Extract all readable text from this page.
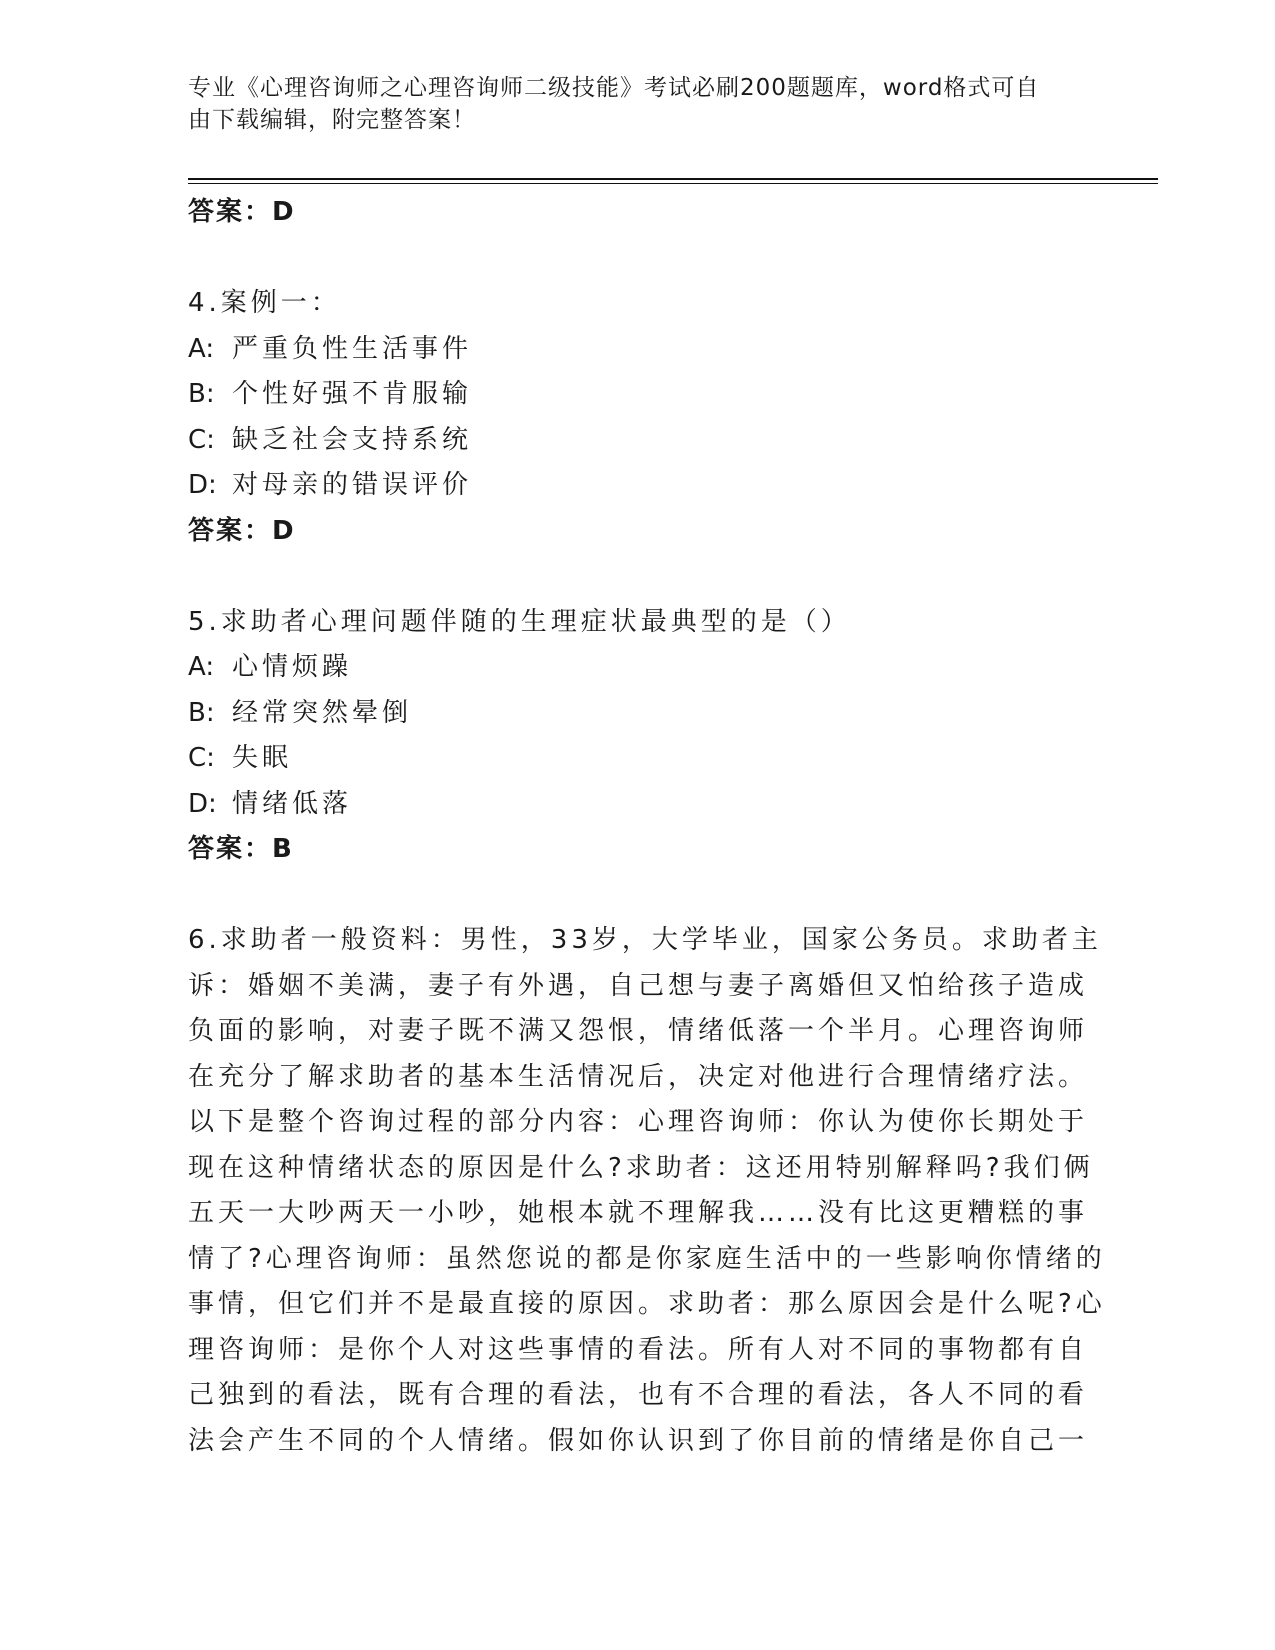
专业《心理咨询师之心理咨询师二级技能》考试必刷200题题库，word格式可自
由下载编辑，附完整答案！
答案：D
4.案例一：
A: 严重负性生活事件
B: 个性好强不肯服输
C: 缺乏社会支持系统
D: 对母亲的错误评价
答案：D
5.求助者心理问题伴随的生理症状最典型的是（）
A: 心情烦躁
B: 经常突然晕倒
C: 失眠
D: 情绪低落
答案：B
6.求助者一般资料：男性，33岁，大学毕业，国家公务员。求助者主
诉：婚姻不美满，妻子有外遇，自己想与妻子离婚但又怕给孩子造成
负面的影响，对妻子既不满又怨恨，情绪低落一个半月。心理咨询师
在充分了解求助者的基本生活情况后，决定对他进行合理情绪疗法。
以下是整个咨询过程的部分内容：心理咨询师：你认为使你长期处于
现在这种情绪状态的原因是什么?求助者：这还用特别解释吗?我们俩
五天一大吵两天一小吵，她根本就不理解我……没有比这更糟糕的事
情了?心理咨询师：虽然您说的都是你家庭生活中的一些影响你情绪的
事情，但它们并不是最直接的原因。求助者：那么原因会是什么呢?心
理咨询师：是你个人对这些事情的看法。所有人对不同的事物都有自
己独到的看法，既有合理的看法，也有不合理的看法，各人不同的看
法会产生不同的个人情绪。假如你认识到了你目前的情绪是你自己一
